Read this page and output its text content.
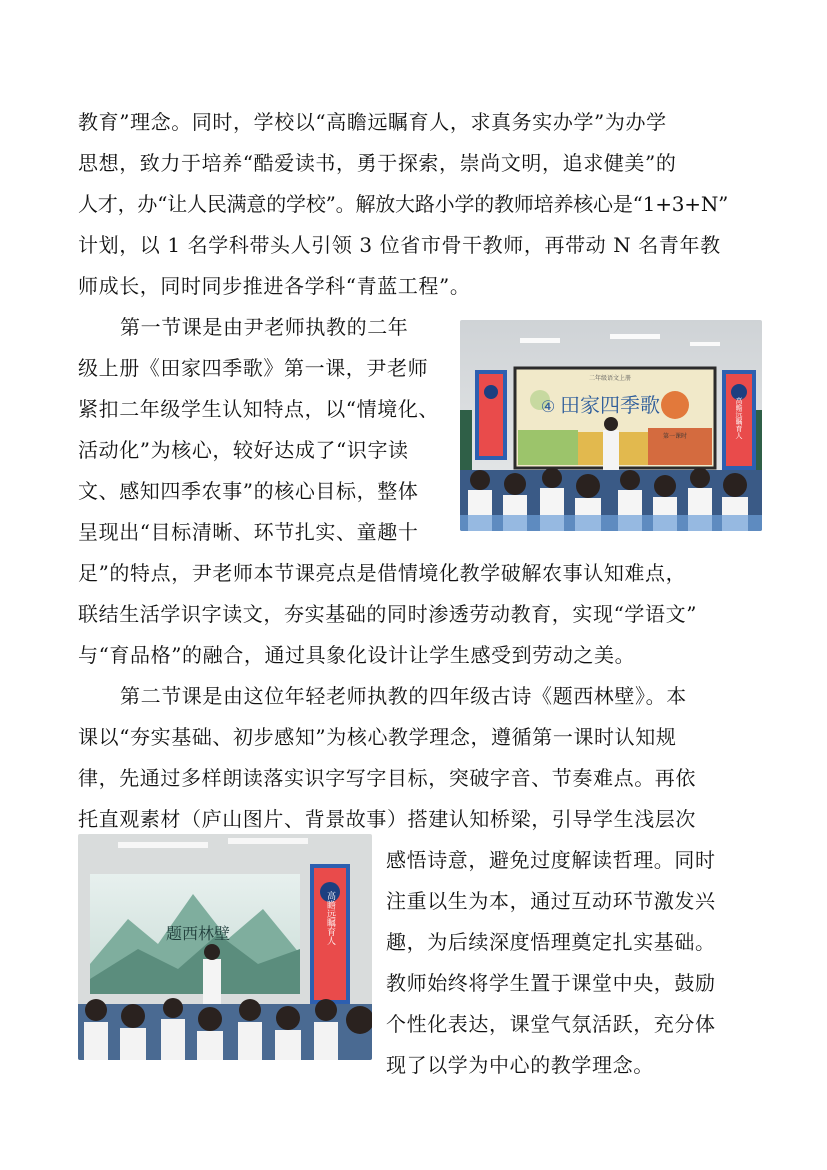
教育”理念。同时，学校以“高瞻远瞩育人，求真务实办学”为办学
思想，致力于培养“酷爱读书，勇于探索，崇尚文明，追求健美”的
人才，办“让人民满意的学校”。解放大路小学的教师培养核心是“1+3+N”
计划，以 1 名学科带头人引领 3 位省市骨干教师，再带动 N 名青年教
师成长，同时同步推进各学科“青蓝工程”。
第一节课是由尹老师执教的二年
级上册《田家四季歌》第一课，尹老师
紧扣二年级学生认知特点，以“情境化、
活动化”为核心，较好达成了“识字读
文、感知四季农事”的核心目标，整体
呈现出“目标清晰、环节扎实、童趣十
足”的特点，尹老师本节课亮点是借情境化教学破解农事认知难点，
联结生活学识字读文，夯实基础的同时渗透劳动教育，实现“学语文”
与“育品格”的融合，通过具象化设计让学生感受到劳动之美。
第二节课是由这位年轻老师执教的四年级古诗《题西林壁》。本
课以“夯实基础、初步感知”为核心教学理念，遵循第一课时认知规
律，先通过多样朗读落实识字写字目标，突破字音、节奏难点。再依
托直观素材（庐山图片、背景故事）搭建认知桥梁，引导学生浅层次
感悟诗意，避免过度解读哲理。同时
注重以生为本，通过互动环节激发兴
趣，为后续深度悟理奠定扎实基础。
教师始终将学生置于课堂中央，鼓励
个性化表达，课堂气氛活跃，充分体
现了以学为中心的教学理念。
田家四季歌
④
二年级语文上册
第一课时	高瞻远瞩育人
题西林壁	高瞻远瞩育人
